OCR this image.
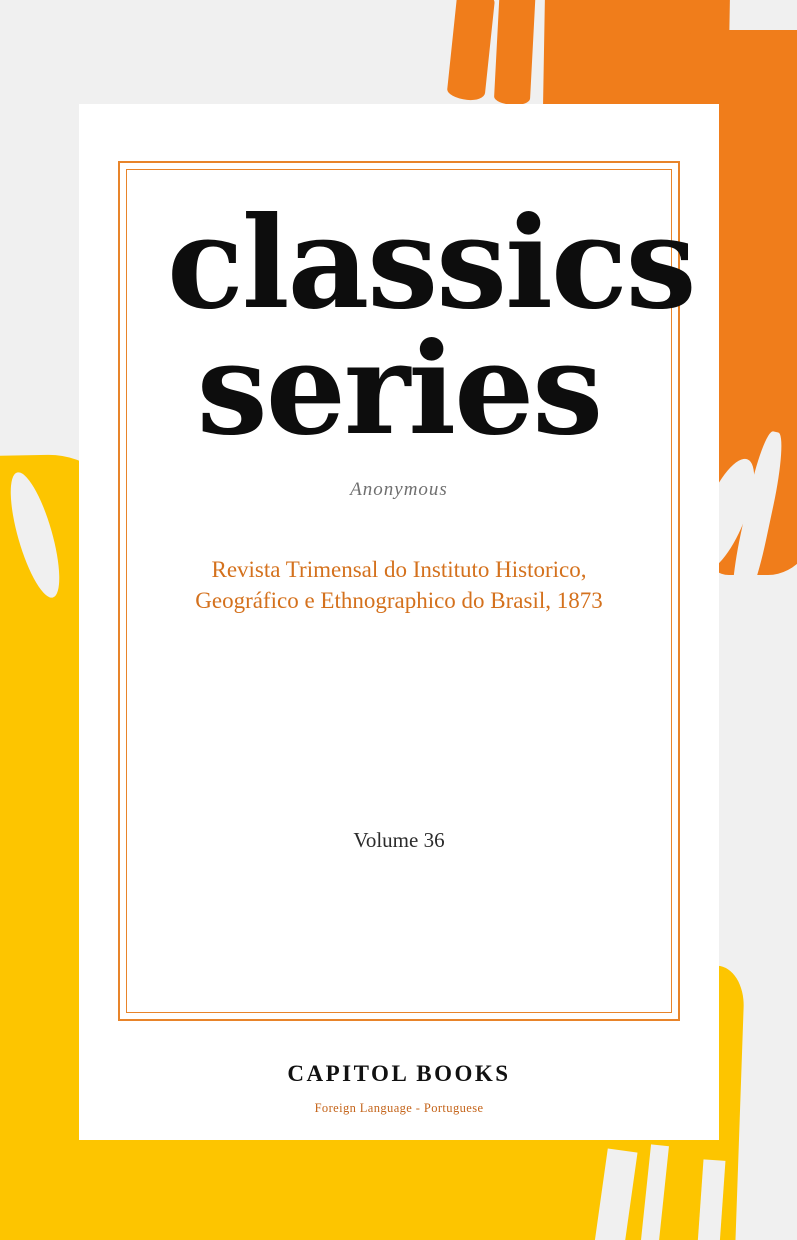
classics
series
Anonymous
Revista Trimensal do Instituto Historico, Geográfico e Ethnographico do Brasil, 1873
Volume 36
CAPITOL BOOKS
Foreign Language - Portuguese
